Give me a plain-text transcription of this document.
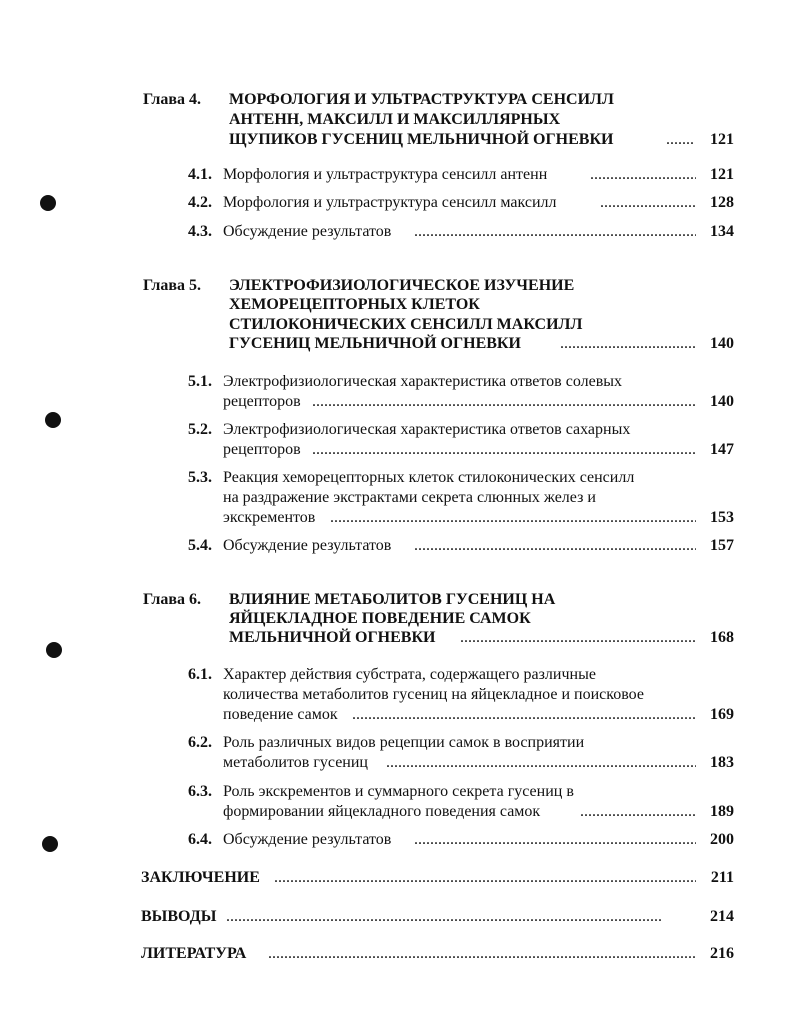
Глава 4. МОРФОЛОГИЯ И УЛЬТРАСТРУКТУРА СЕНСИЛЛ
АНТЕНН, МАКСИЛЛ И МАКСИЛЛЯРНЫХ
ЩУПИКОВ ГУСЕНИЦ МЕЛЬНИЧНОЙ ОГНЕВКИ . . .	121
4.1. Морфология и ультраструктура сенсилл антенн . . .	121
4.2. Морфология и ультраструктура сенсилл максилл . . .	128
4.3. Обсуждение результатов . . .	134
Глава 5. ЭЛЕКТРОФИЗИОЛОГИЧЕСКОЕ ИЗУЧЕНИЕ
ХЕМОРЕЦЕПТОРНЫХ КЛЕТОК
СТИЛОКОНИЧЕСКИХ СЕНСИЛЛ МАКСИЛЛ
ГУСЕНИЦ МЕЛЬНИЧНОЙ ОГНЕВКИ . . .	140
5.1. Электрофизиологическая характеристика ответов солевых
рецепторов . . .	140
5.2. Электрофизиологическая характеристика ответов сахарных
рецепторов . . .	147
5.3. Реакция хеморецепторных клеток стилоконических сенсилл
на раздражение экстрактами секрета слюнных желез и
экскрементов . . .	153
5.4. Обсуждение результатов . . .	157
Глава 6. ВЛИЯНИЕ МЕТАБОЛИТОВ ГУСЕНИЦ НА
ЯЙЦЕКЛАДНОЕ ПОВЕДЕНИЕ САМОК
МЕЛЬНИЧНОЙ ОГНЕВКИ . . .	168
6.1. Характер действия субстрата, содержащего различные
количества метаболитов гусениц на яйцекладное и поисковое
поведение самок . . .	169
6.2. Роль различных видов рецепции самок в восприятии
метаболитов гусениц . . .	183
6.3. Роль экскрементов и суммарного секрета гусениц в
формировании яйцекладного поведения самок . . .	189
6.4. Обсуждение результатов . . .	200
ЗАКЛЮЧЕНИЕ . . .	211
ВЫВОДЫ . . .	214
ЛИТЕРАТУРА . . .	216
